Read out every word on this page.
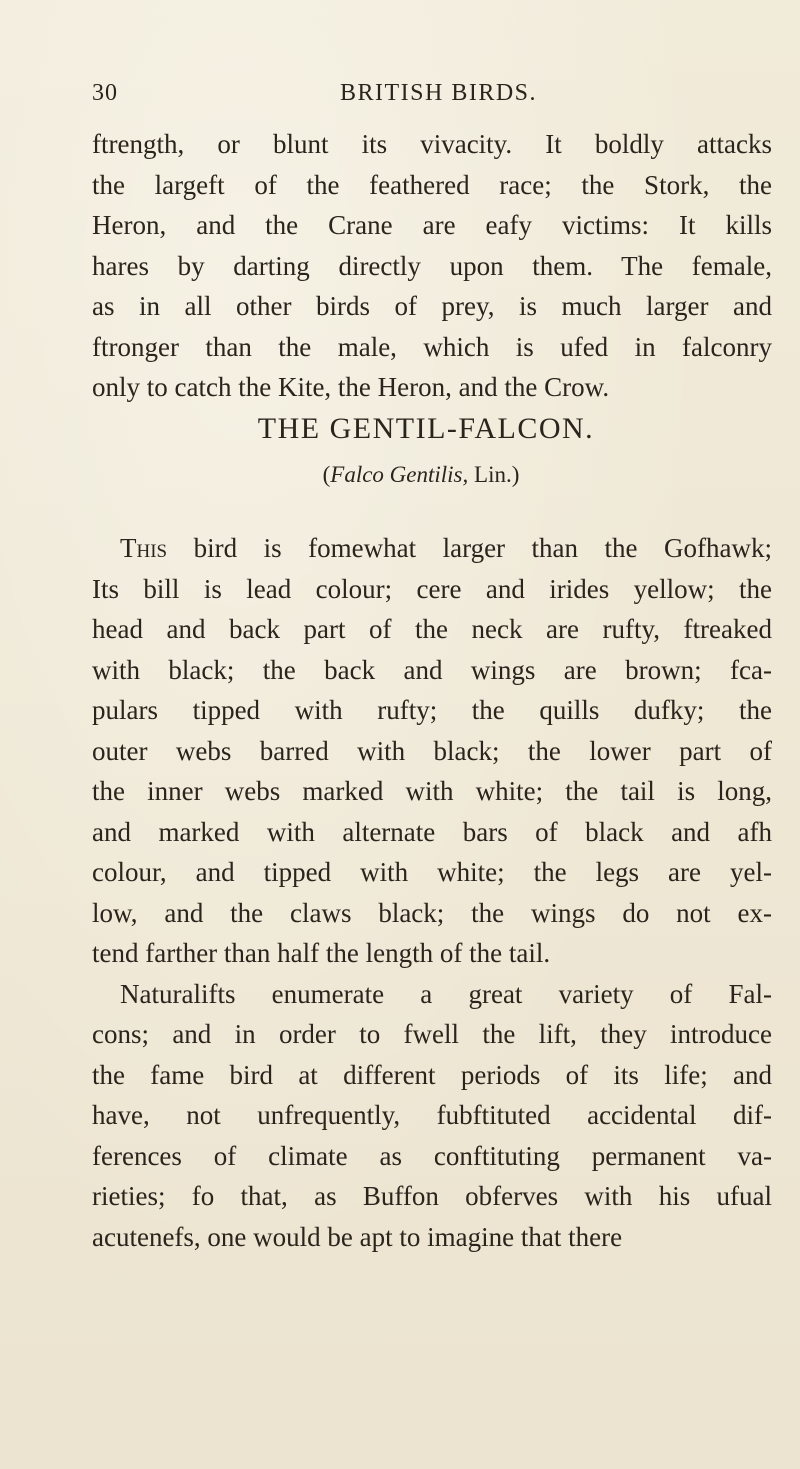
30	BRITISH BIRDS.
ftrength, or blunt its vivacity. It boldly attacks
the largeft of the feathered race; the Stork, the
Heron, and the Crane are eafy victims: It kills
hares by darting directly upon them. The female,
as in all other birds of prey, is much larger and
ftronger than the male, which is ufed in falconry
only to catch the Kite, the Heron, and the Crow.
THE GENTIL-FALCON.
(Falco Gentilis, Lin.)
This bird is fomewhat larger than the Gofhawk;
Its bill is lead colour; cere and irides yellow; the
head and back part of the neck are rufty, ftreaked
with black; the back and wings are brown; fca-
pulars tipped with rufty; the quills dufky; the
outer webs barred with black; the lower part of
the inner webs marked with white; the tail is long,
and marked with alternate bars of black and afh
colour, and tipped with white; the legs are yel-
low, and the claws black; the wings do not ex-
tend farther than half the length of the tail.
Naturalifts enumerate a great variety of Fal-
cons; and in order to fwell the lift, they introduce
the fame bird at different periods of its life; and
have, not unfrequently, fubftituted accidental dif-
ferences of climate as conftituting permanent va-
rieties; fo that, as Buffon obferves with his ufual
acutenefs, one would be apt to imagine that there
